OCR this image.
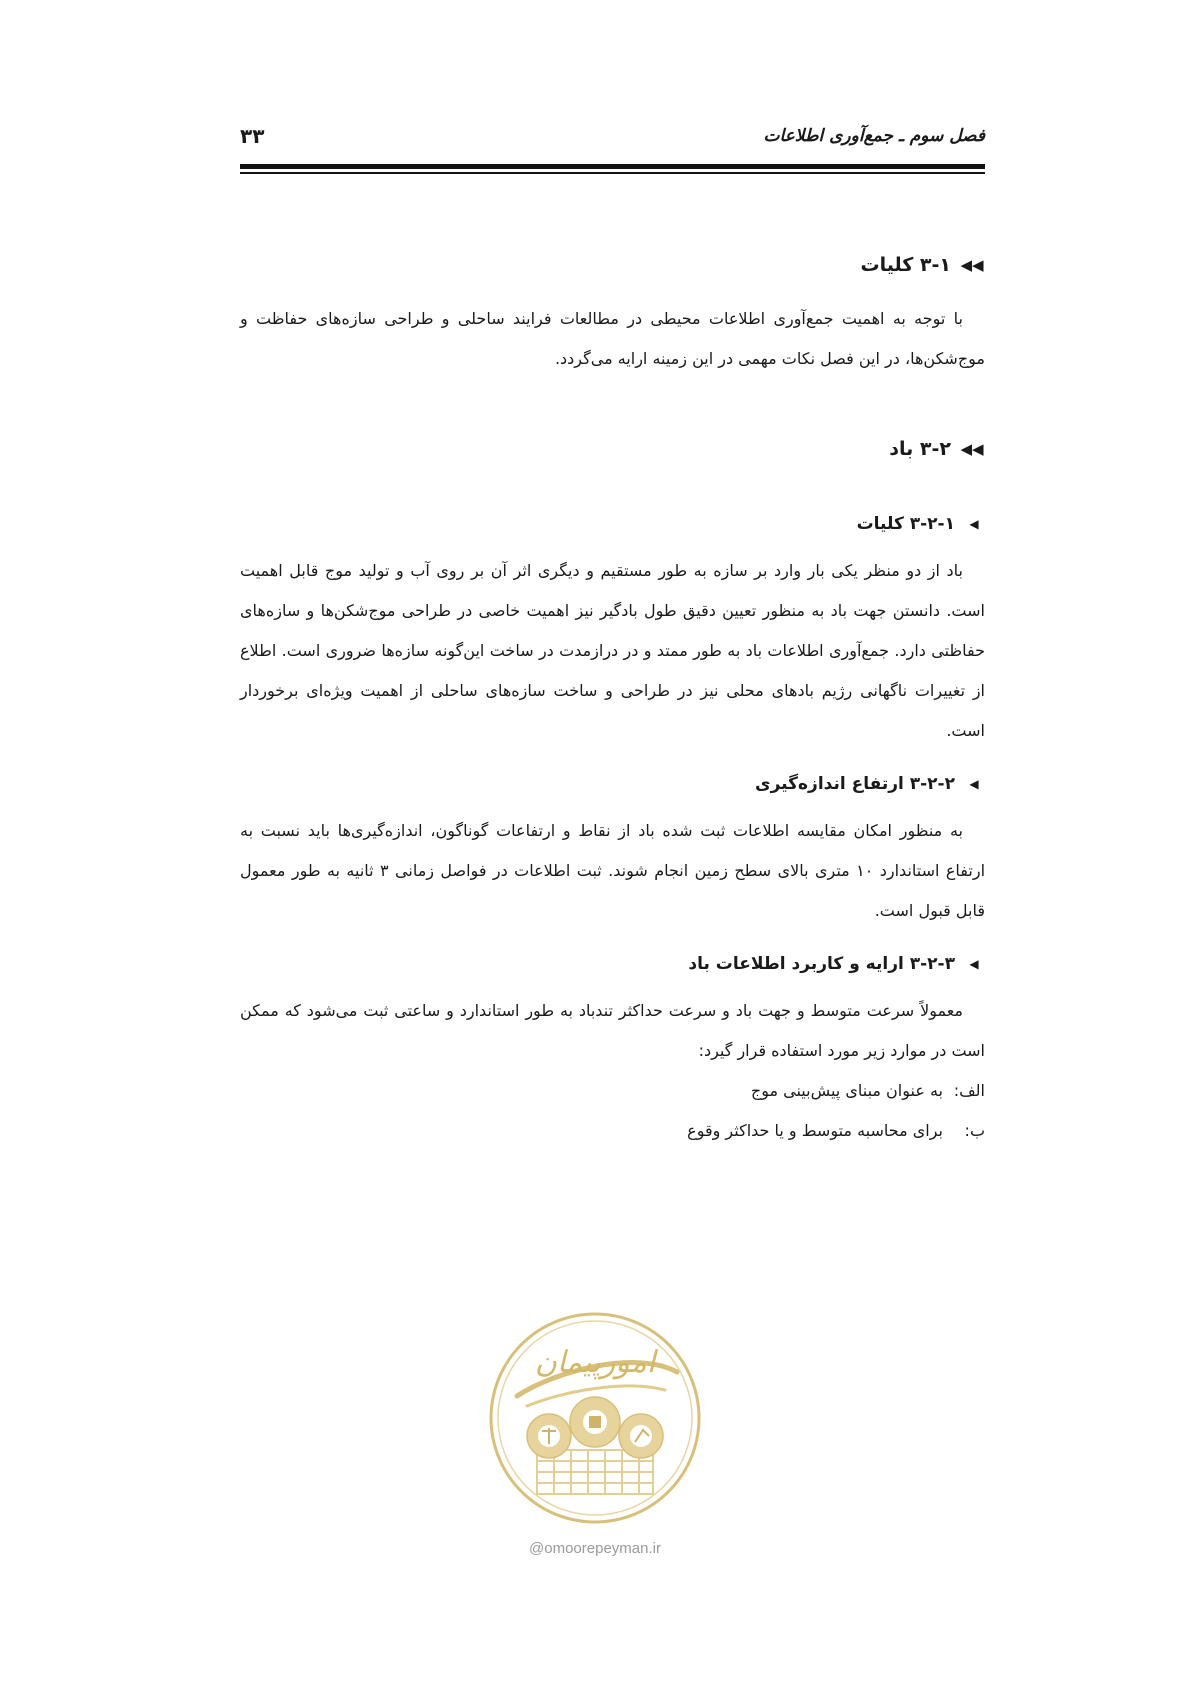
فصل سوم ـ جمع‌آوری اطلاعات
۳۳
◀◀
۳-۱ کلیات

با توجه به اهمیت جمع‌آوری اطلاعات محیطی در مطالعات فرایند ساحلی و طراحی سازه‌های حفاظت و موج‌شکن‌ها، در این فصل نکات مهمی در این زمینه ارایه می‌گردد.

◀◀
۳-۲ باد
◀
۳-۲-۱ کلیات

باد از دو منظر یکی بار وارد بر سازه به طور مستقیم و دیگری اثر آن بر روی آب و تولید موج قابل اهمیت است. دانستن جهت باد به منظور تعیین دقیق طول بادگیر نیز اهمیت خاصی در طراحی موج‌شکن‌ها و سازه‌های حفاظتی دارد. جمع‌آوری اطلاعات باد به طور ممتد و در درازمدت در ساخت این‌گونه سازه‌ها ضروری است. اطلاع از تغییرات ناگهانی رژیم بادهای محلی نیز در طراحی و ساخت سازه‌های ساحلی از اهمیت ویژه‌ای برخوردار است.

◀
۳-۲-۲ ارتفاع اندازه‌گیری

به منظور امکان مقایسه اطلاعات ثبت شده باد از نقاط و ارتفاعات گوناگون، اندازه‌گیری‌ها باید نسبت به ارتفاع استاندارد ۱۰ متری بالای سطح زمین انجام شوند. ثبت اطلاعات در فواصل زمانی ۳ ثانیه به طور معمول قابل قبول است.

◀
۳-۲-۳ ارایه و کاربرد اطلاعات باد

معمولاً سرعت متوسط و جهت باد و سرعت حداکثر تندباد به طور استاندارد و ساعتی ثبت می‌شود که ممکن است در موارد زیر مورد استفاده قرار گیرد:

الف:
به عنوان مبنای پیش‌بینی موج
ب:
برای محاسبه متوسط و یا حداکثر وقوع
امورپیمان
@omoorepeyman.ir
